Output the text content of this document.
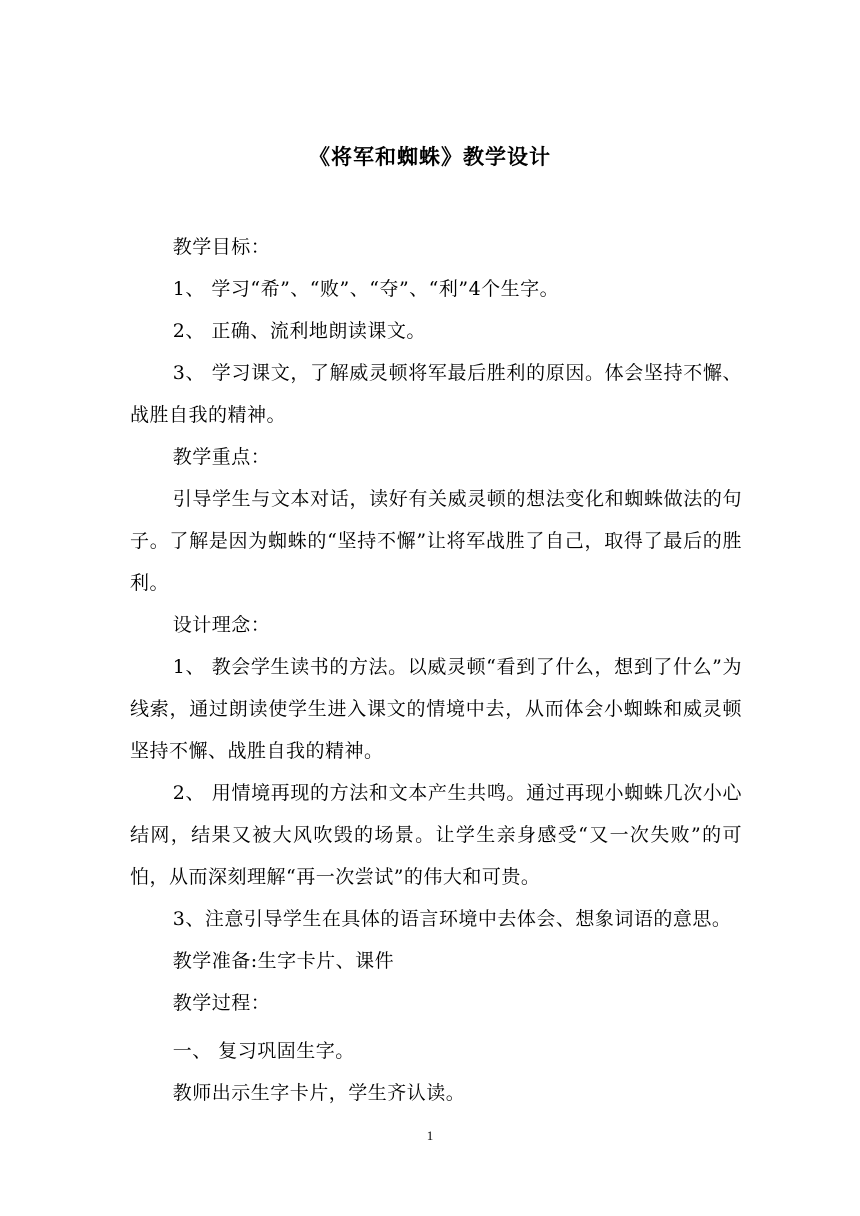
《将军和蜘蛛》教学设计

教学目标：

1、 学习“希”、“败”、“夺”、“利”4个生字。

2、 正确、流利地朗读课文。

3、 学习课文，了解威灵顿将军最后胜利的原因。体会坚持不懈、战胜自我的精神。

教学重点：

引导学生与文本对话，读好有关威灵顿的想法变化和蜘蛛做法的句子。了解是因为蜘蛛的“坚持不懈”让将军战胜了自己，取得了最后的胜利。

设计理念：

1、 教会学生读书的方法。以威灵顿“看到了什么，想到了什么”为线索，通过朗读使学生进入课文的情境中去，从而体会小蜘蛛和威灵顿坚持不懈、战胜自我的精神。

2、 用情境再现的方法和文本产生共鸣。通过再现小蜘蛛几次小心结网，结果又被大风吹毁的场景。让学生亲身感受“又一次失败”的可怕，从而深刻理解“再一次尝试”的伟大和可贵。

3、注意引导学生在具体的语言环境中去体会、想象词语的意思。

教学准备:生字卡片、课件

教学过程：

一、 复习巩固生字。

教师出示生字卡片，学生齐认读。

1
